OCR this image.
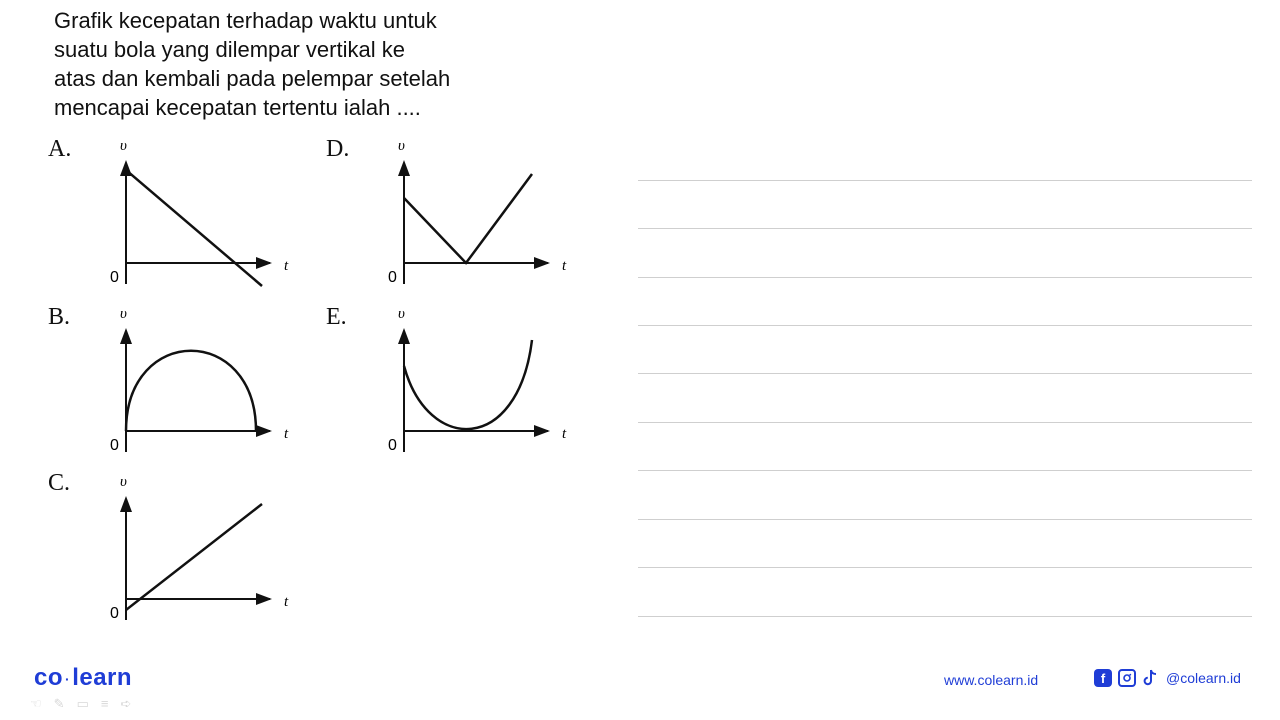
Grafik kecepatan terhadap waktu untuk
suatu bola yang dilempar vertikal ke
atas dan kembali pada pelempar setelah
mencapai kecepatan tertentu ialah ....
A.	υ
t
0
B.	υ
t
0
C.	υ
t
0
D.	υ
t
0
E.	υ
t
0
co ·learn	www.colearn.id	f	@colearn.id
☜ ✎ ▭ ≡ ➪
